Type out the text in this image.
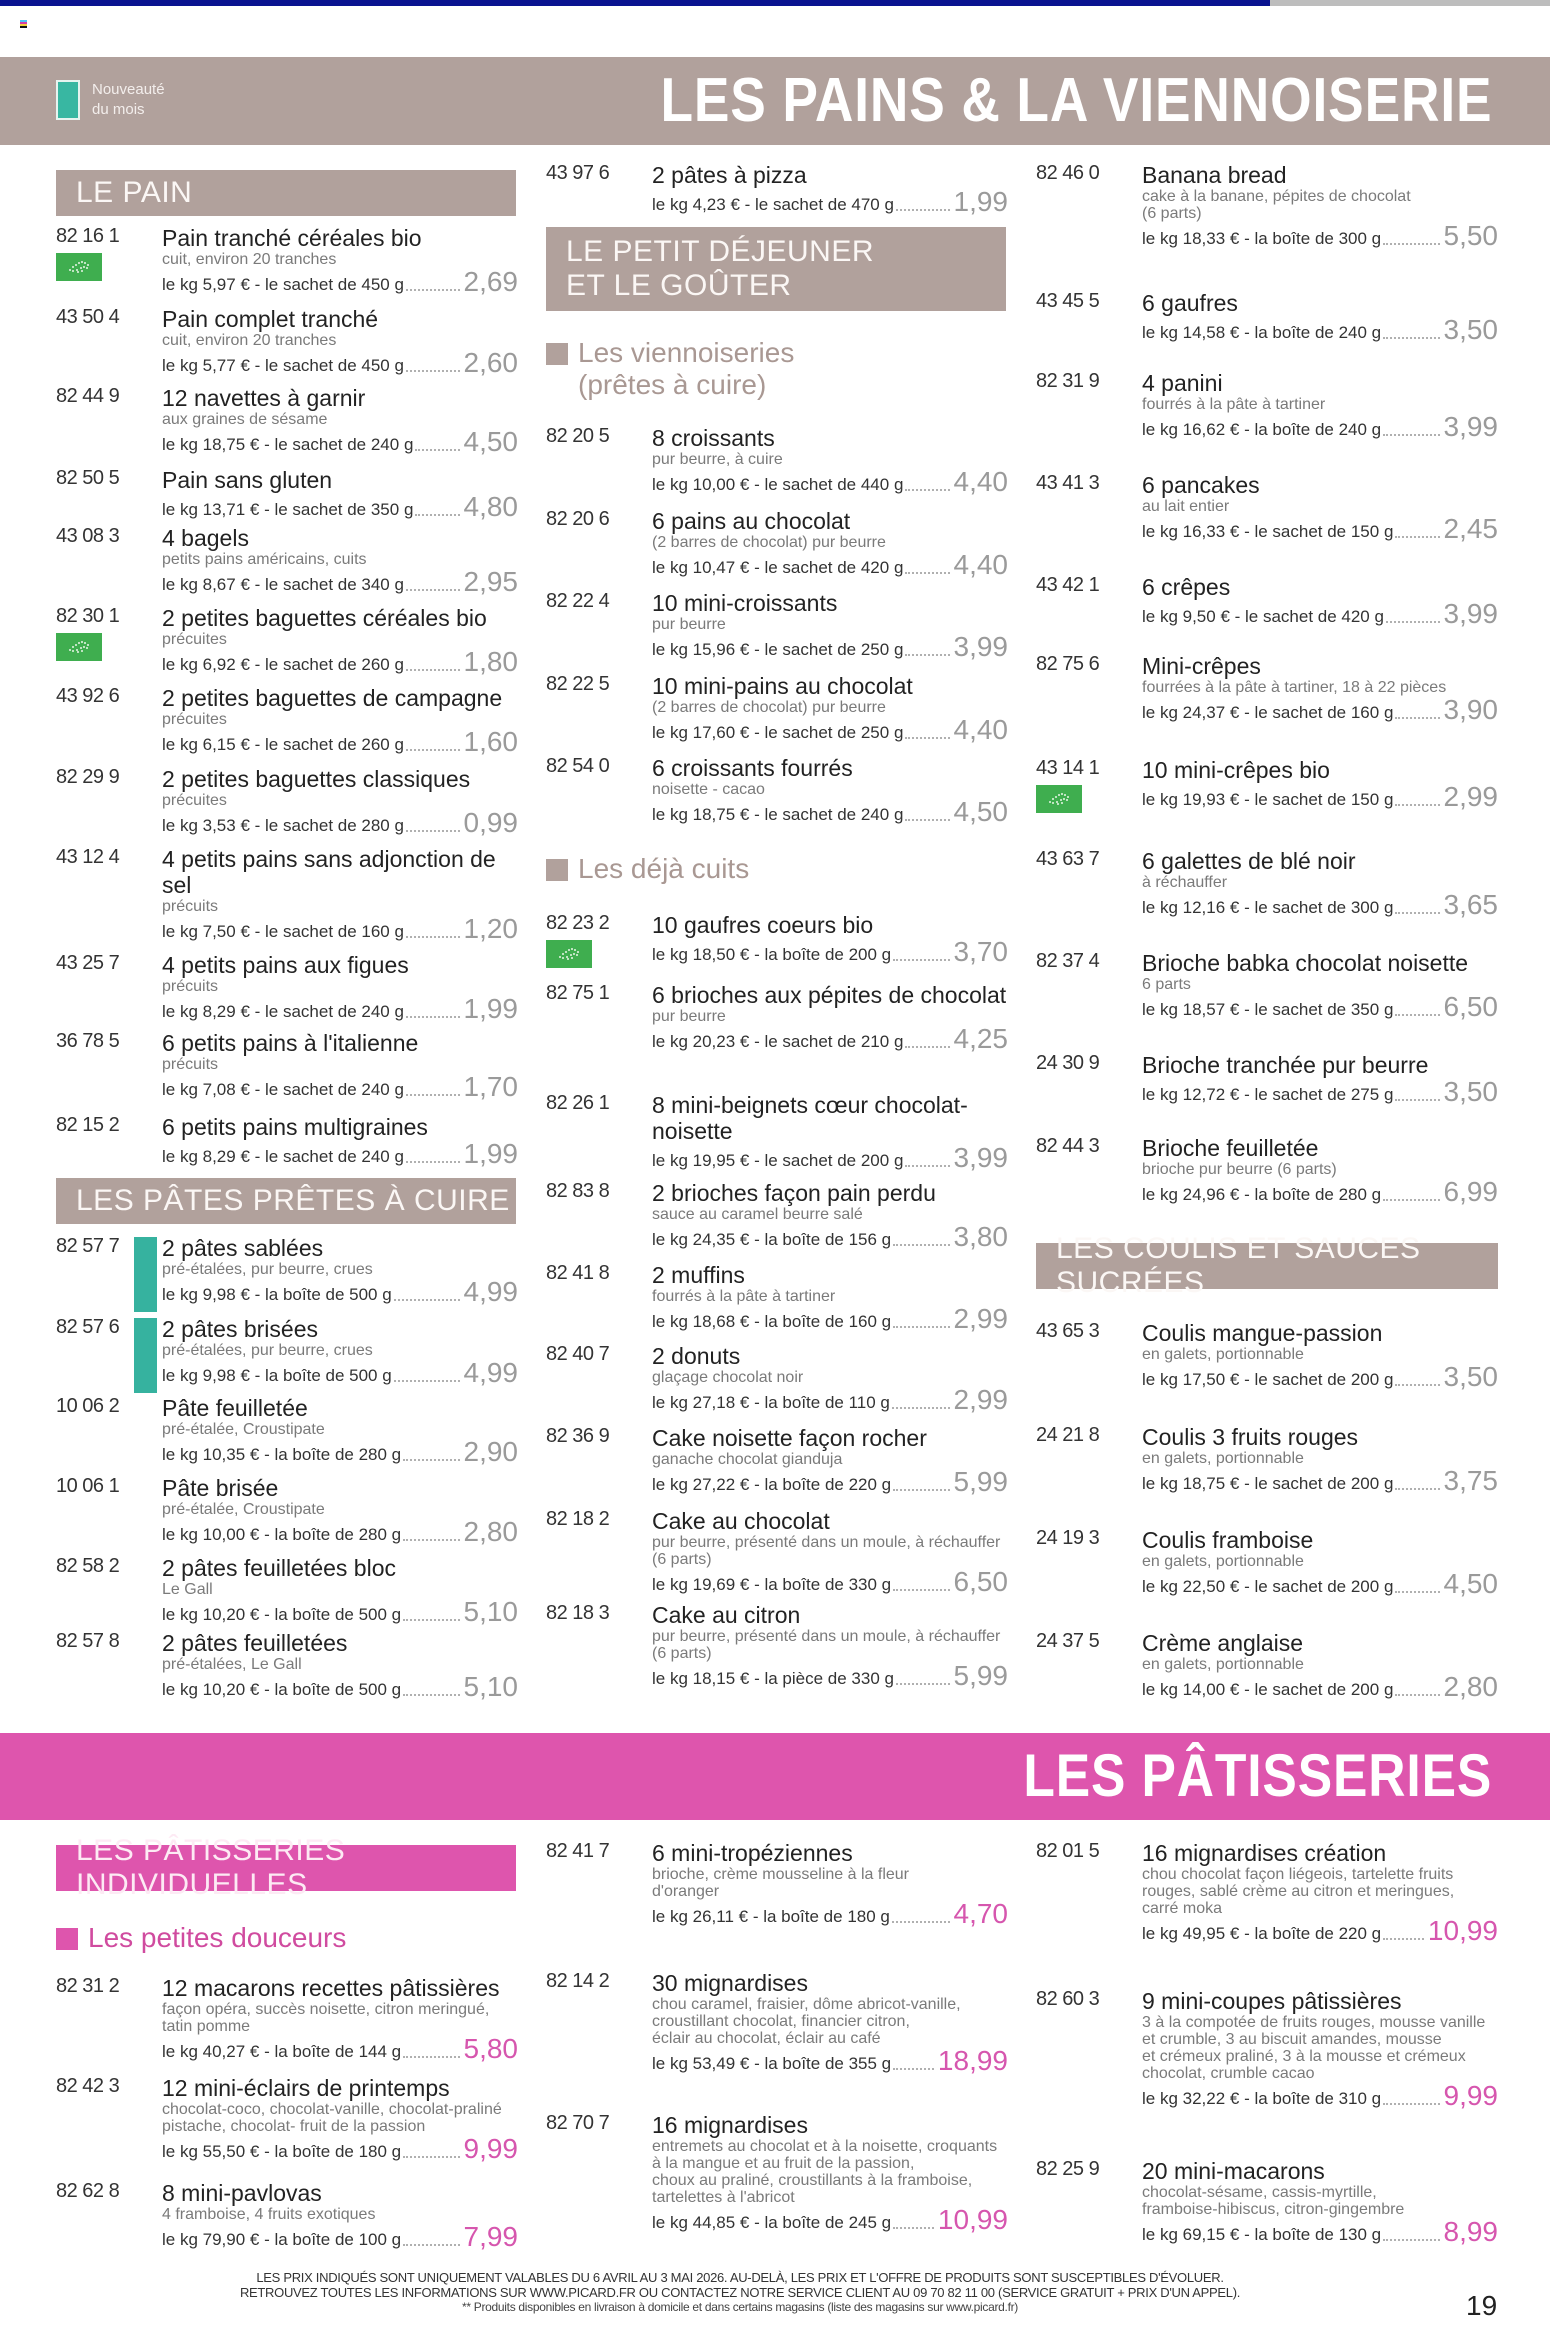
Nouveauté
du mois	LES PAINS & LA VIENNOISERIE
LE PAIN
LES PÂTES PRÊTES À CUIRE
LE PETIT DÉJEUNER
ET LE GOÛTER
Les viennoiseries
(prêtes à cuire)
Les déjà cuits
LES COULIS ET SAUCES SUCRÉES
LES PÂTISSERIES
LES PÂTISSERIES INDIVIDUELLES
Les petites douceurs
82 16 1 Pain tranché céréales bio
cuit, environ 20 tranches
le kg 5,97 € - le sachet de 450 g 2,69
43 50 4 Pain complet tranché
cuit, environ 20 tranches
le kg 5,77 € - le sachet de 450 g 2,60
82 44 9 12 navettes à garnir
aux graines de sésame
le kg 18,75 € - le sachet de 240 g 4,50
82 50 5 Pain sans gluten
le kg 13,71 € - le sachet de 350 g 4,80
43 08 3 4 bagels
petits pains américains, cuits
le kg 8,67 € - le sachet de 340 g 2,95
82 30 1 2 petites baguettes céréales bio
précuites
le kg 6,92 € - le sachet de 260 g 1,80
43 92 6 2 petites baguettes de campagne
précuites
le kg 6,15 € - le sachet de 260 g 1,60
82 29 9 2 petites baguettes classiques
précuites
le kg 3,53 € - le sachet de 280 g 0,99
43 12 4 4 petits pains sans adjonction de sel
précuits
le kg 7,50 € - le sachet de 160 g 1,20
43 25 7 4 petits pains aux figues
précuits
le kg 8,29 € - le sachet de 240 g 1,99
36 78 5 6 petits pains à l'italienne
précuits
le kg 7,08 € - le sachet de 240 g 1,70
82 15 2 6 petits pains multigraines
le kg 8,29 € - le sachet de 240 g 1,99
82 57 7 2 pâtes sablées
pré-étalées, pur beurre, crues
le kg 9,98 € - la boîte de 500 g	4,99
82 57 6 2 pâtes brisées
pré-étalées, pur beurre, crues
le kg 9,98 € - la boîte de 500 g	4,99
10 06 2 Pâte feuilletée
pré-étalée, Croustipate
le kg 10,35 € - la boîte de 280 g 2,90
10 06 1 Pâte brisée
pré-étalée, Croustipate
le kg 10,00 € - la boîte de 280 g 2,80
82 58 2 2 pâtes feuilletées bloc
Le Gall
le kg 10,20 € - la boîte de 500 g 5,10
82 57 8 2 pâtes feuilletées
pré-étalées, Le Gall
le kg 10,20 € - la boîte de 500 g 5,10
43 97 6 2 pâtes à pizza
le kg 4,23 € - le sachet de 470 g 1,99
82 20 5 8 croissants
pur beurre, à cuire
le kg 10,00 € - le sachet de 440 g 4,40
82 20 6 6 pains au chocolat
(2 barres de chocolat) pur beurre
le kg 10,47 € - le sachet de 420 g 4,40
82 22 4 10 mini-croissants
pur beurre
le kg 15,96 € - le sachet de 250 g 3,99
82 22 5 10 mini-pains au chocolat
(2 barres de chocolat) pur beurre
le kg 17,60 € - le sachet de 250 g 4,40
82 54 0 6 croissants fourrés
noisette - cacao
le kg 18,75 € - le sachet de 240 g 4,50
82 23 2 10 gaufres coeurs bio
le kg 18,50 € - la boîte de 200 g 3,70
82 75 1 6 brioches aux pépites de chocolat
pur beurre
le kg 20,23 € - le sachet de 210 g 4,25
82 26 1 8 mini-beignets cœur chocolat-noisette
le kg 19,95 € - le sachet de 200 g 3,99
82 83 8 2 brioches façon pain perdu
sauce au caramel beurre salé
le kg 24,35 € - la boîte de 156 g 3,80
82 41 8 2 muffins
fourrés à la pâte à tartiner
le kg 18,68 € - la boîte de 160 g 2,99
82 40 7 2 donuts
glaçage chocolat noir
le kg 27,18 € - la boîte de 110 g 2,99
82 36 9 Cake noisette façon rocher
ganache chocolat gianduja
le kg 27,22 € - la boîte de 220 g 5,99
82 18 2 Cake au chocolat
pur beurre, présenté dans un moule, à réchauffer
(6 parts)
le kg 19,69 € - la boîte de 330 g 6,50
82 18 3 Cake au citron
pur beurre, présenté dans un moule, à réchauffer
(6 parts)
le kg 18,15 € - la pièce de 330 g 5,99
82 46 0 Banana bread
cake à la banane, pépites de chocolat
(6 parts)
le kg 18,33 € - la boîte de 300 g 5,50
43 45 5 6 gaufres
le kg 14,58 € - la boîte de 240 g 3,50
82 31 9 4 panini
fourrés à la pâte à tartiner
le kg 16,62 € - la boîte de 240 g 3,99
43 41 3 6 pancakes
au lait entier
le kg 16,33 € - le sachet de 150 g 2,45
43 42 1 6 crêpes
le kg 9,50 € - le sachet de 420 g 3,99
82 75 6 Mini-crêpes
fourrées à la pâte à tartiner, 18 à 22 pièces
le kg 24,37 € - le sachet de 160 g 3,90
43 14 1 10 mini-crêpes bio
le kg 19,93 € - le sachet de 150 g 2,99
43 63 7 6 galettes de blé noir
à réchauffer
le kg 12,16 € - le sachet de 300 g 3,65
82 37 4 Brioche babka chocolat noisette
6 parts
le kg 18,57 € - le sachet de 350 g 6,50
24 30 9 Brioche tranchée pur beurre
le kg 12,72 € - le sachet de 275 g 3,50
82 44 3 Brioche feuilletée
brioche pur beurre (6 parts)
le kg 24,96 € - la boîte de 280 g 6,99
43 65 3 Coulis mangue-passion
en galets, portionnable
le kg 17,50 € - le sachet de 200 g 3,50
24 21 8 Coulis 3 fruits rouges
en galets, portionnable
le kg 18,75 € - le sachet de 200 g 3,75
24 19 3 Coulis framboise
en galets, portionnable
le kg 22,50 € - le sachet de 200 g 4,50
24 37 5 Crème anglaise
en galets, portionnable
le kg 14,00 € - le sachet de 200 g 2,80
82 31 2 12 macarons recettes pâtissières
façon opéra, succès noisette, citron meringué,
tatin pomme
le kg 40,27 € - la boîte de 144 g 5,80
82 42 3 12 mini-éclairs de printemps
chocolat-coco, chocolat-vanille, chocolat-praliné
pistache, chocolat- fruit de la passion
le kg 55,50 € - la boîte de 180 g 9,99
82 62 8 8 mini-pavlovas
4 framboise, 4 fruits exotiques
le kg 79,90 € - la boîte de 100 g 7,99
82 41 7 6 mini-tropéziennes
brioche, crème mousseline à la fleur
d'oranger
le kg 26,11 € - la boîte de 180 g 4,70
82 14 2 30 mignardises
chou caramel, fraisier, dôme abricot-vanille,
croustillant chocolat, financier citron,
éclair au chocolat, éclair au café
le kg 53,49 € - la boîte de 355 g 18,99
82 70 7 16 mignardises
entremets au chocolat et à la noisette, croquants
à la mangue et au fruit de la passion,
choux au praliné, croustillants à la framboise,
tartelettes à l'abricot
le kg 44,85 € - la boîte de 245 g 10,99
82 01 5 16 mignardises création
chou chocolat façon liégeois, tartelette fruits
rouges, sablé crème au citron et meringues,
carré moka
le kg 49,95 € - la boîte de 220 g 10,99
82 60 3 9 mini-coupes pâtissières
3 à la compotée de fruits rouges, mousse vanille
et crumble, 3 au biscuit amandes, mousse
et crémeux praliné, 3 à la mousse et crémeux
chocolat, crumble cacao
le kg 32,22 € - la boîte de 310 g 9,99
82 25 9 20 mini-macarons
chocolat-sésame, cassis-myrtille,
framboise-hibiscus, citron-gingembre
le kg 69,15 € - la boîte de 130 g 8,99
LES PRIX INDIQUÉS SONT UNIQUEMENT VALABLES DU 6 AVRIL AU 3 MAI 2026. AU-DELÀ, LES PRIX ET L'OFFRE DE PRODUITS SONT SUSCEPTIBLES D'ÉVOLUER.
RETROUVEZ TOUTES LES INFORMATIONS SUR WWW.PICARD.FR OU CONTACTEZ NOTRE SERVICE CLIENT AU 09 70 82 11 00 (SERVICE GRATUIT + PRIX D'UN APPEL).
** Produits disponibles en livraison à domicile et dans certains magasins (liste des magasins sur www.picard.fr)	19
